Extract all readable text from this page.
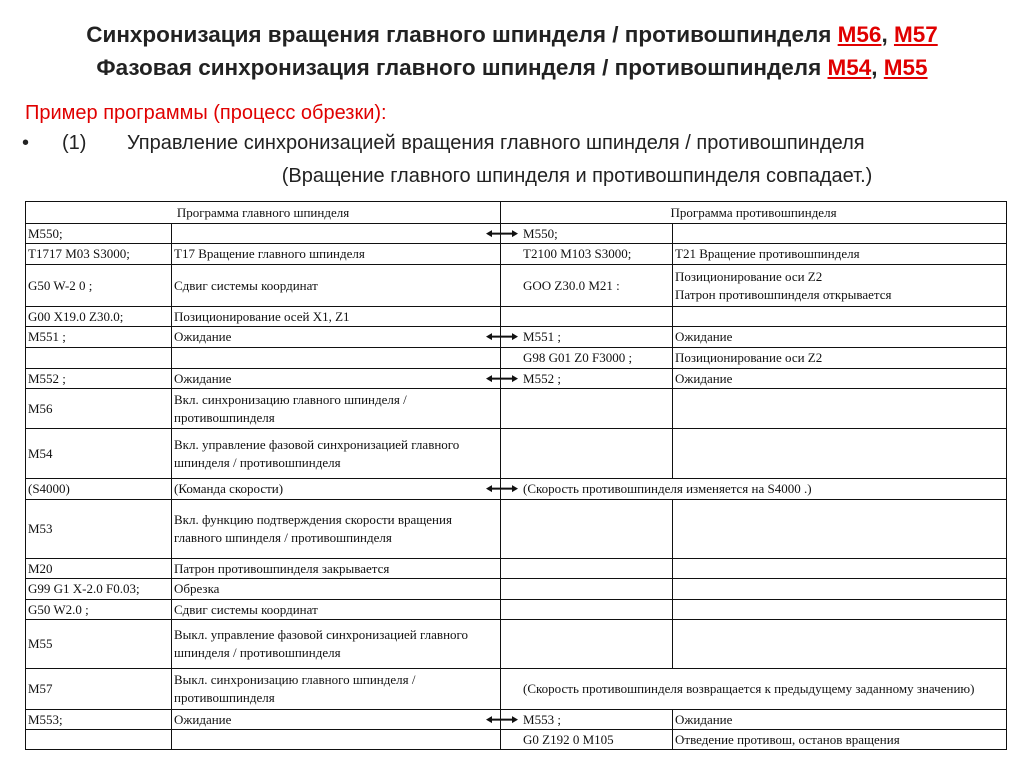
Синхронизация вращения главного шпинделя / противошпинделя M56, M57
Фазовая синхронизация главного шпинделя / противошпинделя M54, M55
Пример программы (процесс обрезки):
• (1)	Управление синхронизацией вращения главного шпинделя / противошпинделя
(Вращение главного шпинделя и противошпинделя совпадает.)
Программа главного шпинделя		Программа противошпинделя	
M550;		M550;	
T1717 M03 S3000;	T17 Вращение главного шпинделя	T2100 M103 S3000;	T21 Вращение противошпинделя
G50 W-2 0 ;	Сдвиг системы координат	GOO Z30.0 M21 :	Позиционирование оси Z2
Патрон противошпинделя открывается
G00 X19.0 Z30.0;	Позиционирование осей X1, Z1		
M551 ;	Ожидание	M551 ;	Ожидание
		G98 G01 Z0 F3000 ;	Позиционирование оси Z2
M552 ;	Ожидание	M552 ;	Ожидание
M56	Вкл. синхронизацию главного шпинделя / противошпинделя		
M54	Вкл. управление фазовой синхронизацией главного шпинделя / противошпинделя		
(S4000)	(Команда скорости)	(Скорость противошпинделя изменяется на S4000 .)	
M53	Вкл. функцию подтверждения скорости вращения главного шпинделя / противошпинделя		
M20	Патрон противошпинделя закрывается		
G99 G1 X-2.0 F0.03;	Обрезка		
G50 W2.0 ;	Сдвиг системы координат		
M55	Выкл. управление фазовой синхронизацией главного шпинделя / противошпинделя		
M57	Выкл. синхронизацию главного шпинделя / противошпинделя	(Скорость противошпинделя возвращается к предыдущему заданному значению)	
M553;	Ожидание	M553 ;	Ожидание
		G0 Z192 0 M105	Отведение противош, останов вращения
